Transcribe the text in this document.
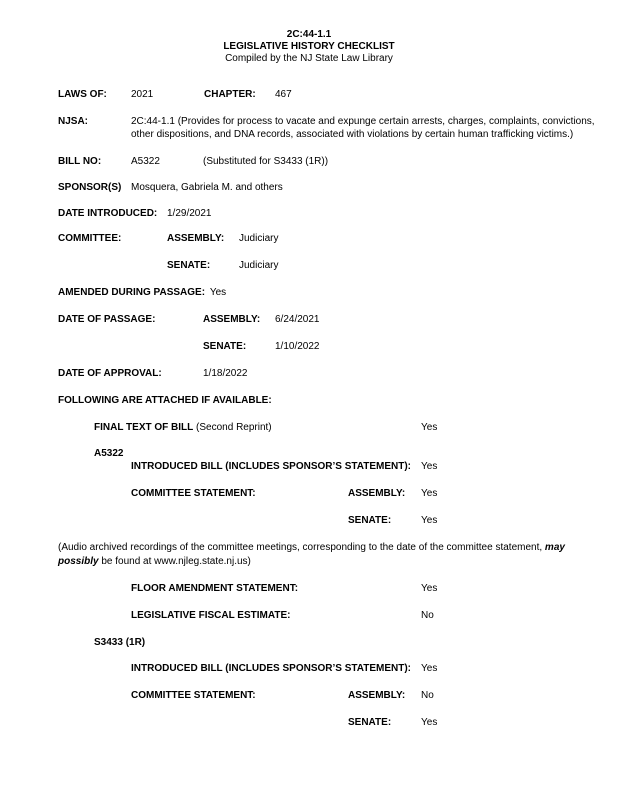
2C:44-1.1
LEGISLATIVE HISTORY CHECKLIST
Compiled by the NJ State Law Library
LAWS OF: 2021	CHAPTER: 467
NJSA:	2C:44-1.1 (Provides for process to vacate and expunge certain arrests, charges, complaints, convictions,
other dispositions, and DNA records, associated with violations by certain human trafficking victims.)
BILL NO:	A5322	(Substituted for S3433 (1R))
SPONSOR(S) Mosquera, Gabriela M. and others
DATE INTRODUCED: 1/29/2021
COMMITTEE:	ASSEMBLY: Judiciary
SENATE:	Judiciary
AMENDED DURING PASSAGE: Yes
DATE OF PASSAGE:	ASSEMBLY: 6/24/2021
SENATE:	1/10/2022
DATE OF APPROVAL:	1/18/2022
FOLLOWING ARE ATTACHED IF AVAILABLE:
FINAL TEXT OF BILL (Second Reprint)	Yes
A5322
INTRODUCED BILL (INCLUDES SPONSOR’S STATEMENT): Yes
COMMITTEE STATEMENT:	ASSEMBLY: Yes
SENATE:	Yes
(Audio archived recordings of the committee meetings, corresponding to the date of the committee statement, may possibly be found at www.njleg.state.nj.us)
FLOOR AMENDMENT STATEMENT:	Yes
LEGISLATIVE FISCAL ESTIMATE:	No
S3433 (1R)
INTRODUCED BILL (INCLUDES SPONSOR’S STATEMENT): Yes
COMMITTEE STATEMENT:	ASSEMBLY: No
SENATE:	Yes
